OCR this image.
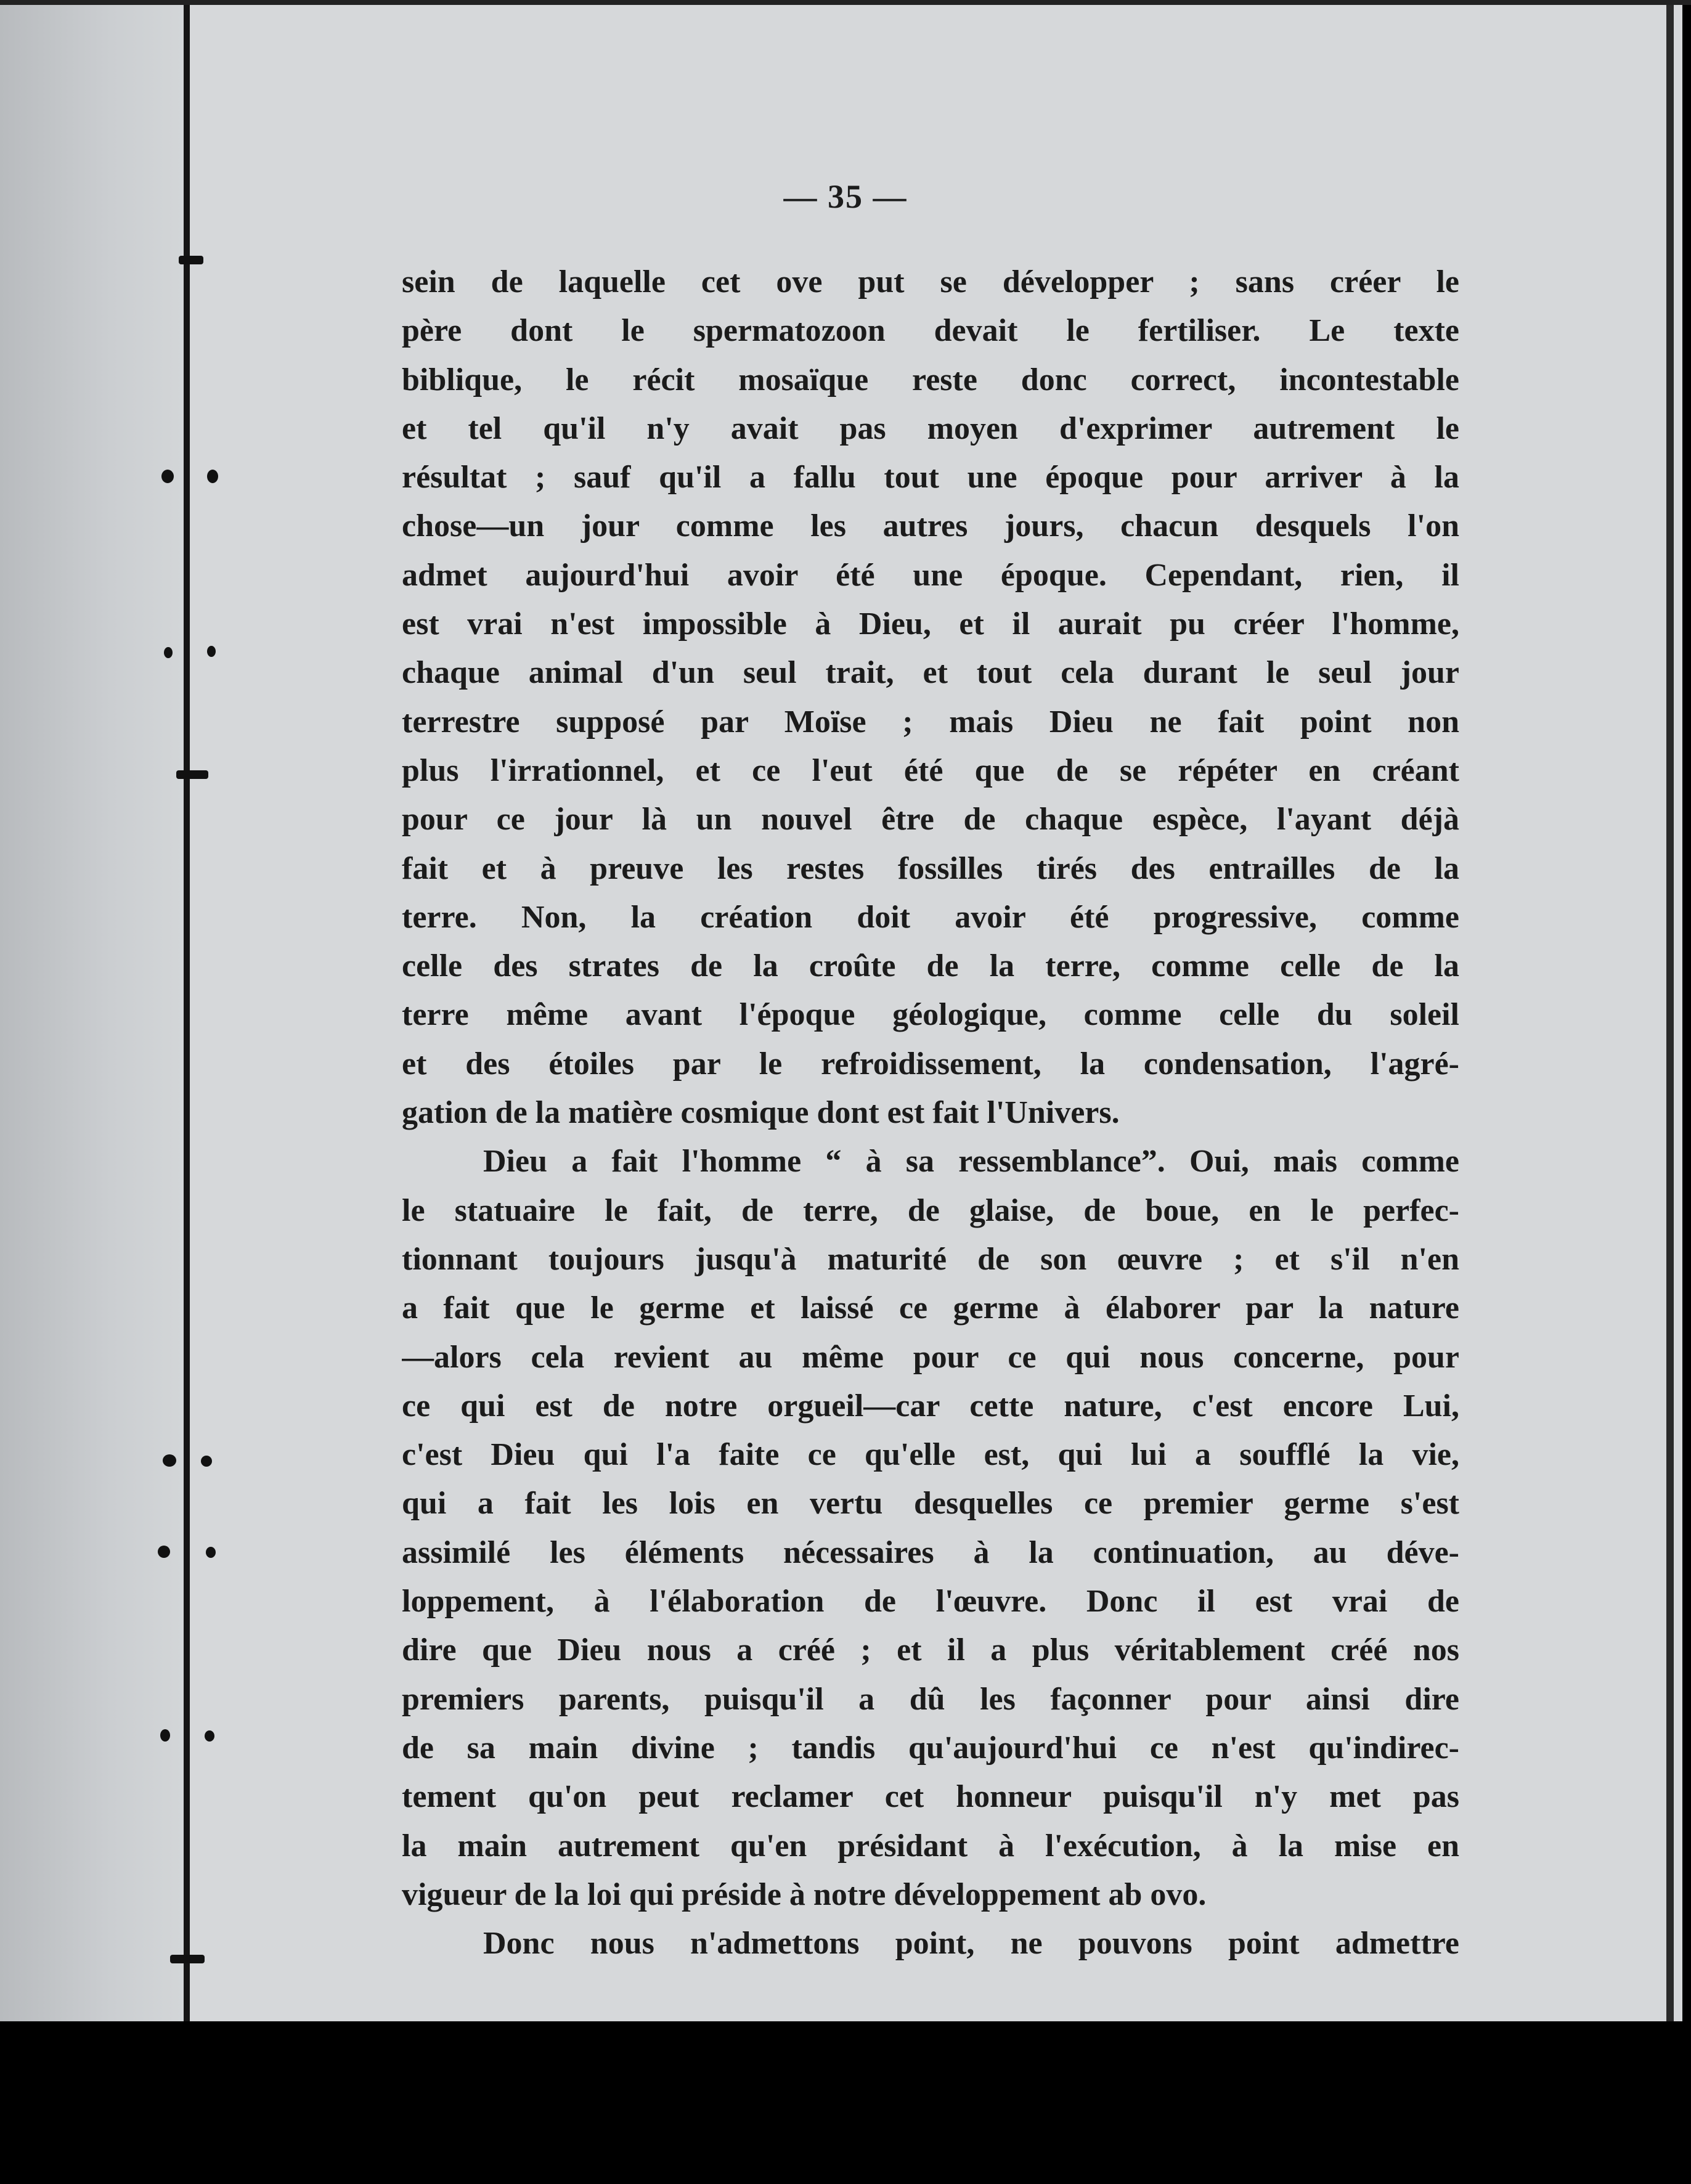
— 35 —
sein de laquelle cet ove put se développer ; sans créer le
père dont le spermatozoon devait le fertiliser. Le texte
biblique, le récit mosaïque reste donc correct, incontestable
et tel qu'il n'y avait pas moyen d'exprimer autrement le
résultat ; sauf qu'il a fallu tout une époque pour arriver à la
chose—un jour comme les autres jours, chacun desquels l'on
admet aujourd'hui avoir été une époque. Cependant, rien, il
est vrai n'est impossible à Dieu, et il aurait pu créer l'homme,
chaque animal d'un seul trait, et tout cela durant le seul jour
terrestre supposé par Moïse ; mais Dieu ne fait point non
plus l'irrationnel, et ce l'eut été que de se répéter en créant
pour ce jour là un nouvel être de chaque espèce, l'ayant déjà
fait et à preuve les restes fossilles tirés des entrailles de la
terre. Non, la création doit avoir été progressive, comme
celle des strates de la croûte de la terre, comme celle de la
terre même avant l'époque géologique, comme celle du soleil
et des étoiles par le refroidissement, la condensation, l'agré-
gation de la matière cosmique dont est fait l'Univers.
Dieu a fait l'homme “ à sa ressemblance”. Oui, mais comme
le statuaire le fait, de terre, de glaise, de boue, en le perfec-
tionnant toujours jusqu'à maturité de son œuvre ; et s'il n'en
a fait que le germe et laissé ce germe à élaborer par la nature
—alors cela revient au même pour ce qui nous concerne, pour
ce qui est de notre orgueil—car cette nature, c'est encore Lui,
c'est Dieu qui l'a faite ce qu'elle est, qui lui a soufflé la vie,
qui a fait les lois en vertu desquelles ce premier germe s'est
assimilé les éléments nécessaires à la continuation, au déve-
loppement, à l'élaboration de l'œuvre. Donc il est vrai de
dire que Dieu nous a créé ; et il a plus véritablement créé nos
premiers parents, puisqu'il a dû les façonner pour ainsi dire
de sa main divine ; tandis qu'aujourd'hui ce n'est qu'indirec-
tement qu'on peut reclamer cet honneur puisqu'il n'y met pas
la main autrement qu'en présidant à l'exécution, à la mise en
vigueur de la loi qui préside à notre développement ab ovo.
Donc nous n'admettons point, ne pouvons point admettre
